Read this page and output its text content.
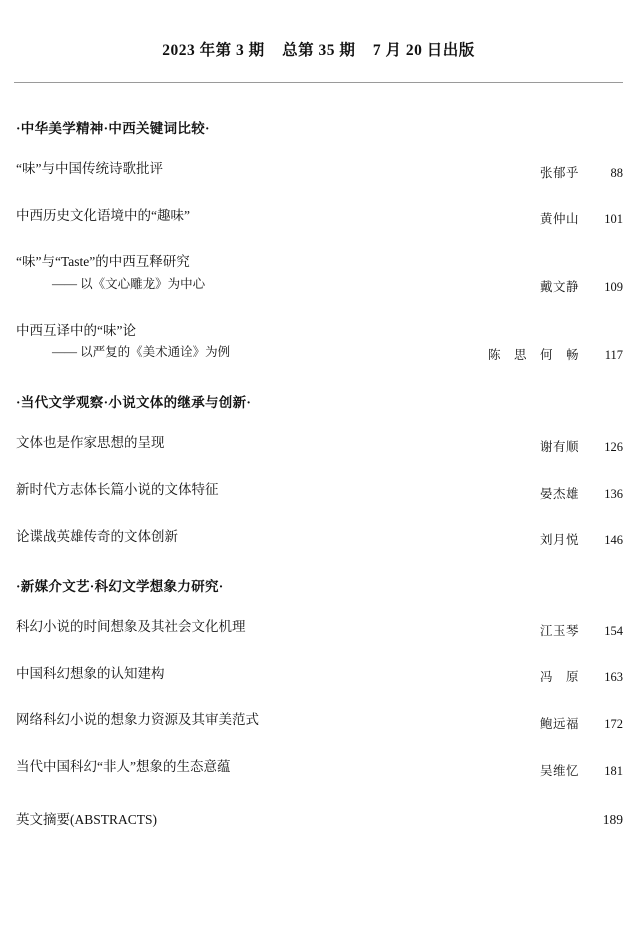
2023 年第 3 期    总第 35 期    7 月 20 日出版
·中华美学精神·中西关键词比较·
“味”与中国传统诗歌批评	张郁乎	88
中西历史文化语境中的“趣味”	黄仲山	101
“味”与“Taste”的中西互释研究
—— 以《文心雕龙》为中心	戴文静	109
中西互译中的“味”论
—— 以严复的《美术通诠》为例	陈　思　何　畅	117
·当代文学观察·小说文体的继承与创新·
文体也是作家思想的呈现	谢有顺	126
新时代方志体长篇小说的文体特征	晏杰雄	136
论谍战英雄传奇的文体创新	刘月悦	146
·新媒介文艺·科幻文学想象力研究·
科幻小说的时间想象及其社会文化机理	江玉琴	154
中国科幻想象的认知建构	冯　原	163
网络科幻小说的想象力资源及其审美范式	鲍远福	172
当代中国科幻“非人”想象的生态意蕴	吴维忆	181
英文摘要(ABSTRACTS)	189
